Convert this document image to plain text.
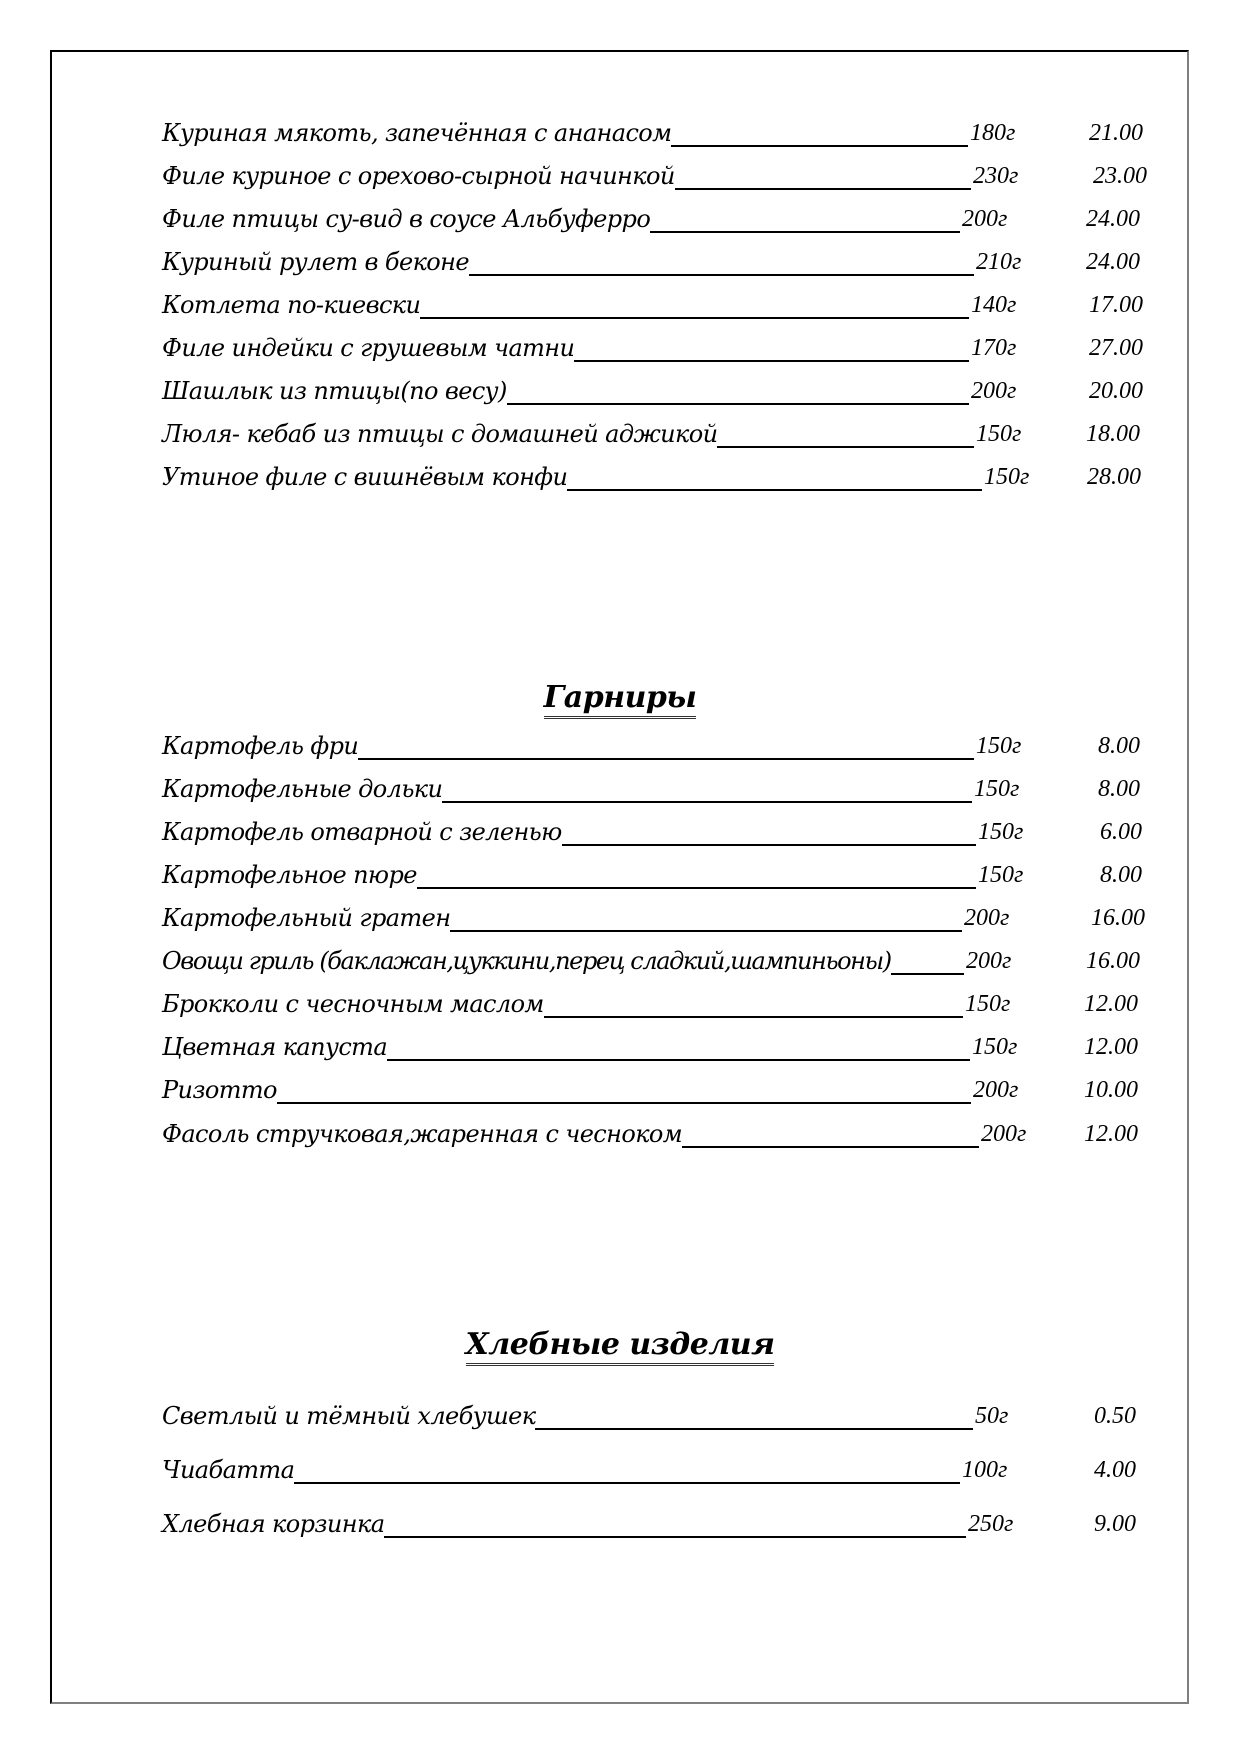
Куриная мякоть, запечённая с ананасом	180г	21.00
Филе куриное с орехово-сырной начинкой	230г	23.00
Филе птицы су-вид в соусе Альбуферро	200г	24.00
Куриный рулет в беконе	210г	24.00
Котлета по-киевски	140г	17.00
Филе индейки с грушевым чатни	170г	27.00
Шашлык из птицы(по весу)	200г	20.00
Люля- кебаб из птицы с домашней аджикой	150г	18.00
Утиное филе с вишнёвым конфи	150г	28.00
Гарниры
Картофель фри	150г	8.00
Картофельные дольки	150г	8.00
Картофель отварной с зеленью	150г	6.00
Картофельное пюре	150г	8.00
Картофельный гратен	200г	16.00
Овощи гриль (баклажан,цуккини,перец сладкий,шампиньоны)	200г	16.00
Брокколи с чесночным маслом	150г	12.00
Цветная капуста	150г	12.00
Ризотто	200г	10.00
Фасоль стручковая,жаренная с чесноком	200г	12.00
Хлебные изделия
Светлый и тёмный хлебушек	50г	0.50
Чиабатта	100г	4.00
Хлебная корзинка	250г	9.00
